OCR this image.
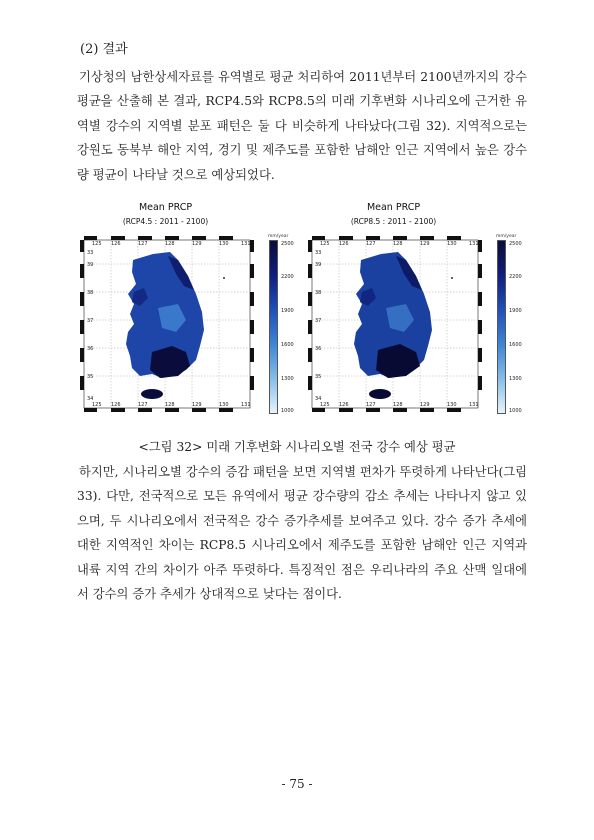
(2) 결과
기상청의 남한상세자료를 유역별로 평균 처리하여 2011년부터 2100년까지의 강수 평균을 산출해 본 결과, RCP4.5와 RCP8.5의 미래 기후변화 시나리오에 근거한 유역별 강수의 지역별 분포 패턴은 둘 다 비슷하게 나타났다(그림 32). 지역적으로는 강원도 동북부 해안 지역, 경기 및 제주도를 포함한 남해안 인근 지역에서 높은 강수량 평균이 나타날 것으로 예상되었다.
Mean PRCP
(RCP4.5 : 2011 - 2100)
125 126	127	128	129	130 131
125 126	127	128	129	130 131
39
38
37
36
35
34
33
mm/year
2500
2200
1900
1600
1300
1000
Mean PRCP
(RCP8.5 : 2011 - 2100)
125 126	127	128	129	130 131
125 126	127	128	129	130 131
39
38
37
36
35
34
33
mm/year
2500
2200
1900
1600
1300
1000
<그림 32> 미래 기후변화 시나리오별 전국 강수 예상 평균
하지만, 시나리오별 강수의 증감 패턴을 보면 지역별 편차가 뚜렷하게 나타난다(그림 33). 다만, 전국적으로 모든 유역에서 평균 강수량의 감소 추세는 나타나지 않고 있으며, 두 시나리오에서 전국적은 강수 증가추세를 보여주고 있다. 강수 증가 추세에 대한 지역적인 차이는 RCP8.5 시나리오에서 제주도를 포함한 남해안 인근 지역과 내륙 지역 간의 차이가 아주 뚜렷하다. 특징적인 점은 우리나라의 주요 산맥 일대에서 강수의 증가 추세가 상대적으로 낮다는 점이다.
- 75 -
